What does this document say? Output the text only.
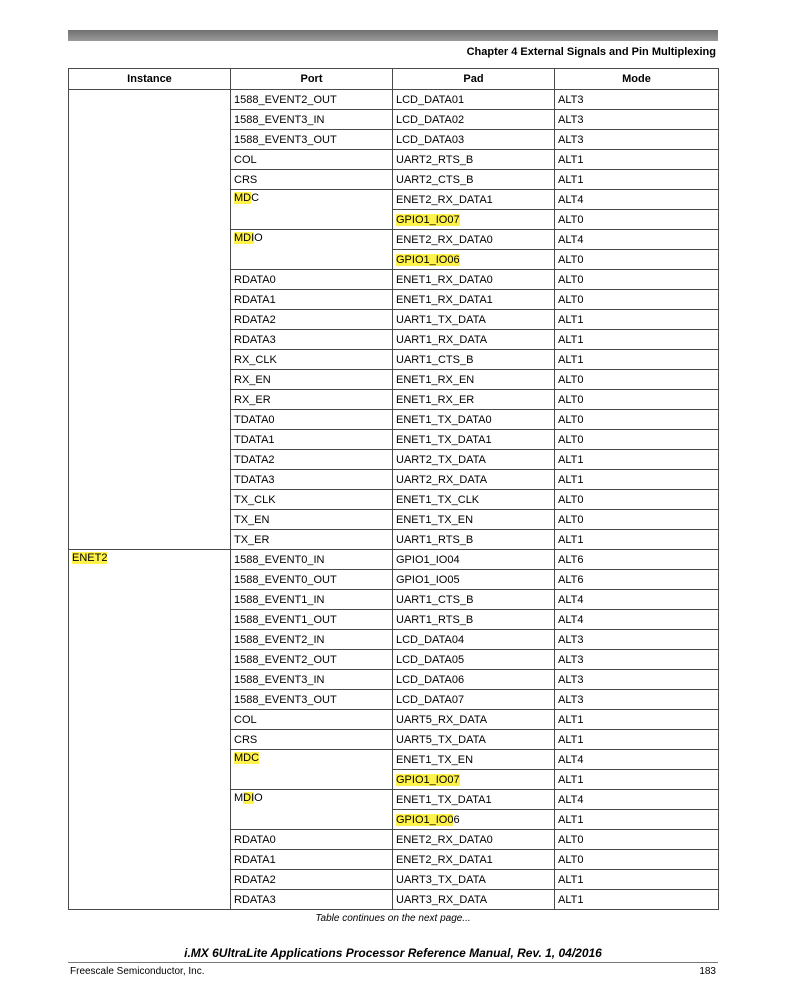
Chapter 4 External Signals and Pin Multiplexing
Instance	Port	Pad	Mode
	1588_EVENT2_OUT	LCD_DATA01	ALT3
	1588_EVENT3_IN	LCD_DATA02	ALT3
	1588_EVENT3_OUT	LCD_DATA03	ALT3
	COL	UART2_RTS_B	ALT1
	CRS	UART2_CTS_B	ALT1
	MDC	ENET2_RX_DATA1	ALT4
		GPIO1_IO07	ALT0
	MDIO	ENET2_RX_DATA0	ALT4
		GPIO1_IO06	ALT0
	RDATA0	ENET1_RX_DATA0	ALT0
	RDATA1	ENET1_RX_DATA1	ALT0
	RDATA2	UART1_TX_DATA	ALT1
	RDATA3	UART1_RX_DATA	ALT1
	RX_CLK	UART1_CTS_B	ALT1
	RX_EN	ENET1_RX_EN	ALT0
	RX_ER	ENET1_RX_ER	ALT0
	TDATA0	ENET1_TX_DATA0	ALT0
	TDATA1	ENET1_TX_DATA1	ALT0
	TDATA2	UART2_TX_DATA	ALT1
	TDATA3	UART2_RX_DATA	ALT1
	TX_CLK	ENET1_TX_CLK	ALT0
	TX_EN	ENET1_TX_EN	ALT0
	TX_ER	UART1_RTS_B	ALT1
ENET2	1588_EVENT0_IN	GPIO1_IO04	ALT6
	1588_EVENT0_OUT	GPIO1_IO05	ALT6
	1588_EVENT1_IN	UART1_CTS_B	ALT4
	1588_EVENT1_OUT	UART1_RTS_B	ALT4
	1588_EVENT2_IN	LCD_DATA04	ALT3
	1588_EVENT2_OUT	LCD_DATA05	ALT3
	1588_EVENT3_IN	LCD_DATA06	ALT3
	1588_EVENT3_OUT	LCD_DATA07	ALT3
	COL	UART5_RX_DATA	ALT1
	CRS	UART5_TX_DATA	ALT1
	MDC	ENET1_TX_EN	ALT4
		GPIO1_IO07	ALT1
	MDIO	ENET1_TX_DATA1	ALT4
		GPIO1_IO06	ALT1
	RDATA0	ENET2_RX_DATA0	ALT0
	RDATA1	ENET2_RX_DATA1	ALT0
	RDATA2	UART3_TX_DATA	ALT1
	RDATA3	UART3_RX_DATA	ALT1
Table continues on the next page...
i.MX 6UltraLite Applications Processor Reference Manual, Rev. 1, 04/2016
Freescale Semiconductor, Inc.	183
